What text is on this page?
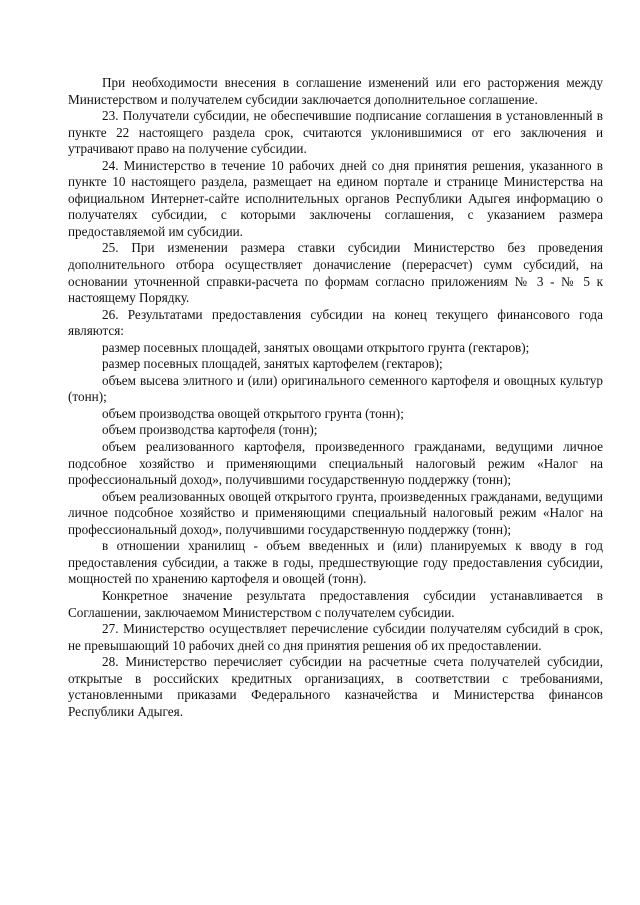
При необходимости внесения в соглашение изменений или его расторжения между Министерством и получателем субсидии заключается дополнительное соглашение.

23. Получатели субсидии, не обеспечившие подписание соглашения в установленный в пункте 22 настоящего раздела срок, считаются уклонившимися от его заключения и утрачивают право на получение субсидии.

24. Министерство в течение 10 рабочих дней со дня принятия решения, указанного в пункте 10 настоящего раздела, размещает на едином портале и странице Министерства на официальном Интернет-сайте исполнительных органов Республики Адыгея информацию о получателях субсидии, с которыми заключены соглашения, с указанием размера предоставляемой им субсидии.

25. При изменении размера ставки субсидии Министерство без проведения дополнительного отбора осуществляет доначисление (перерасчет) сумм субсидий, на основании уточненной справки-расчета по формам согласно приложениям № 3 - № 5 к настоящему Порядку.

26. Результатами предоставления субсидии на конец текущего финансового года являются:

размер посевных площадей, занятых овощами открытого грунта (гектаров);

размер посевных площадей, занятых картофелем (гектаров);

объем высева элитного и (или) оригинального семенного картофеля и овощных культур (тонн);

объем производства овощей открытого грунта (тонн);

объем производства картофеля (тонн);

объем реализованного картофеля, произведенного гражданами, ведущими личное подсобное хозяйство и применяющими специальный налоговый режим «Налог на профессиональный доход», получившими государственную поддержку (тонн);

объем реализованных овощей открытого грунта, произведенных гражданами, ведущими личное подсобное хозяйство и применяющими специальный налоговый режим «Налог на профессиональный доход», получившими государственную поддержку (тонн);

в отношении хранилищ - объем введенных и (или) планируемых к вводу в год предоставления субсидии, а также в годы, предшествующие году предоставления субсидии, мощностей по хранению картофеля и овощей (тонн).

Конкретное значение результата предоставления субсидии устанавливается в Соглашении, заключаемом Министерством с получателем субсидии.

27. Министерство осуществляет перечисление субсидии получателям субсидий в срок, не превышающий 10 рабочих дней со дня принятия решения об их предоставлении.

28. Министерство перечисляет субсидии на расчетные счета получателей субсидии, открытые в российских кредитных организациях, в соответствии с требованиями, установленными приказами Федерального казначейства и Министерства финансов Республики Адыгея.
